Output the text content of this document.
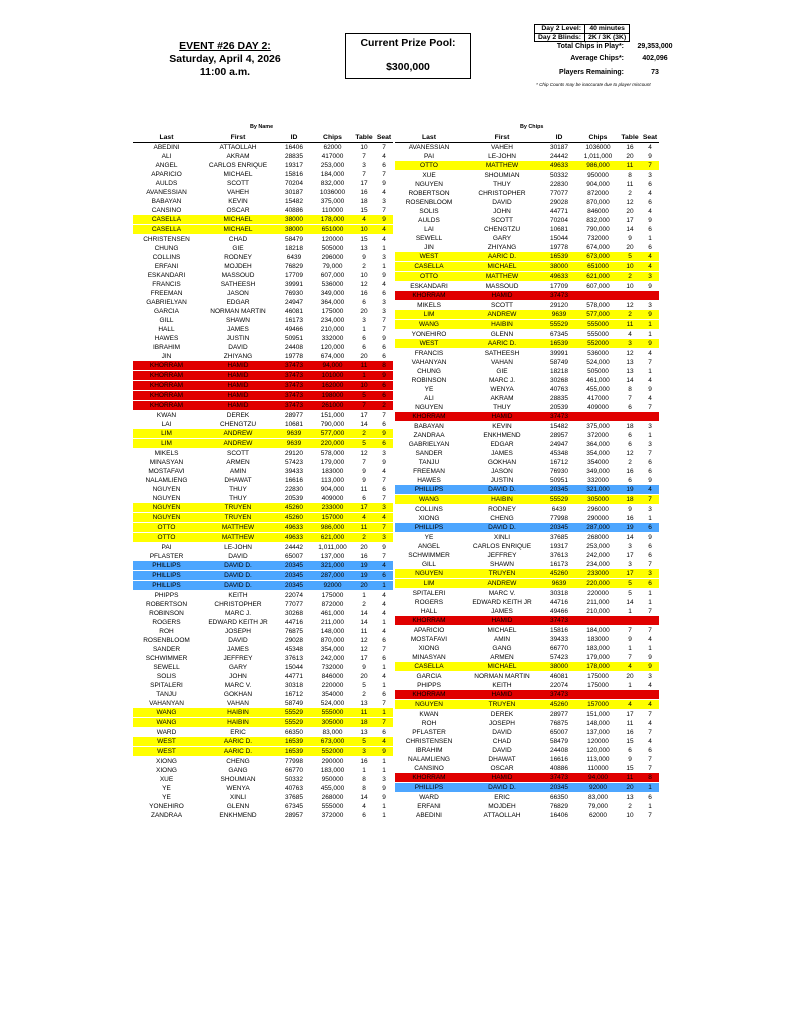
EVENT #26 DAY 2:
Saturday, April 4, 2026
11:00 a.m.
Current Prize Pool:
$300,000
Day 2 Level:	40 minutes
Day 2 Blinds:	2K / 3K (3K)
Total Chips in Play*:	29,353,000
Average Chips*:	402,096
Players Remaining:	73
* Chip Counts may be inaccurate due to player miscount
By Name	By Chips
Last	First	ID	Chips	Table	Seat
ABEDINI	ATTAOLLAH	16406	62000	10	7
ALI	AKRAM	28835	417000	7	4
ANGEL	CARLOS ENRIQUE	19317	253,000	3	6
APARICIO	MICHAEL	15816	184,000	7	7
AULDS	SCOTT	70204	832,000	17	9
AVANESSIAN	VAHEH	30187	1036000	16	4
BABAYAN	KEVIN	15482	375,000	18	3
CANSINO	OSCAR	40886	110000	15	7
CASELLA	MICHAEL	38000	178,000	4	9
CASELLA	MICHAEL	38000	651000	10	4
CHRISTENSEN	CHAD	58479	120000	15	4
CHUNG	GIE	18218	505000	13	1
COLLINS	RODNEY	6439	296000	9	3
ERFANI	MOJDEH	76829	79,000	2	1
ESKANDARI	MASSOUD	17709	607,000	10	9
FRANCIS	SATHEESH	39991	536000	12	4
FREEMAN	JASON	76930	349,000	16	6
GABRIELYAN	EDGAR	24947	364,000	6	3
GARCIA	NORMAN MARTIN	46081	175000	20	3
GILL	SHAWN	16173	234,000	3	7
HALL	JAMES	49466	210,000	1	7
HAWES	JUSTIN	50951	332000	6	9
IBRAHIM	DAVID	24408	120,000	6	6
JIN	ZHIYANG	19778	674,000	20	6
KHORRAM	HAMID	37473	94,000	11	8
KHORRAM	HAMID	37473	101000	1	9
KHORRAM	HAMID	37473	162000	10	6
KHORRAM	HAMID	37473	198000	5	6
KHORRAM	HAMID	37473	261000	7	2
KWAN	DEREK	28977	151,000	17	7
LAI	CHENGTZU	10681	790,000	14	6
LIM	ANDREW	9639	577,000	2	9
LIM	ANDREW	9639	220,000	5	6
MIKELS	SCOTT	29120	578,000	12	3
MINASYAN	ARMEN	57423	179,000	7	9
MOSTAFAVI	AMIN	39433	183000	9	4
NALAMLIENG	DHAWAT	16616	113,000	9	7
NGUYEN	THUY	22830	904,000	11	6
NGUYEN	THUY	20539	409000	6	7
NGUYEN	TRUYEN	45260	233000	17	3
NGUYEN	TRUYEN	45260	157000	4	4
OTTO	MATTHEW	49633	986,000	11	7
OTTO	MATTHEW	49633	621,000	2	3
PAI	LE-JOHN	24442	1,011,000	20	9
PFLASTER	DAVID	65007	137,000	16	7
PHILLIPS	DAVID D.	20345	321,000	19	4
PHILLIPS	DAVID D.	20345	287,000	19	6
PHILLIPS	DAVID D.	20345	92000	20	1
PHIPPS	KEITH	22074	175000	1	4
ROBERTSON	CHRISTOPHER	77077	872000	2	4
ROBINSON	MARC J.	30268	461,000	14	4
ROGERS	EDWARD KEITH JR	44716	211,000	14	1
ROH	JOSEPH	76875	148,000	11	4
ROSENBLOOM	DAVID	29028	870,000	12	6
SANDER	JAMES	45348	354,000	12	7
SCHWIMMER	JEFFREY	37613	242,000	17	6
SEWELL	GARY	15044	732000	9	1
SOLIS	JOHN	44771	846000	20	4
SPITALERI	MARC V.	30318	220000	5	1
TANJU	GOKHAN	16712	354000	2	6
VAHANYAN	VAHAN	58749	524,000	13	7
WANG	HAIBIN	55529	555000	11	1
WANG	HAIBIN	55529	305000	18	7
WARD	ERIC	66350	83,000	13	6
WEST	AARIC D.	16539	673,000	5	4
WEST	AARIC D.	16539	552000	3	9
XIONG	CHENG	77998	290000	16	1
XIONG	GANG	66770	183,000	1	1
XUE	SHOUMIAN	50332	950000	8	3
YE	WENYA	40763	455,000	8	9
YE	XINLI	37685	268000	14	9
YONEHIRO	GLENN	67345	555000	4	1
ZANDRAA	ENKHMEND	28957	372000	6	1
Last	First	ID	Chips	Table	Seat
AVANESSIAN	VAHEH	30187	1036000	16	4
PAI	LE-JOHN	24442	1,011,000	20	9
OTTO	MATTHEW	49633	986,000	11	7
XUE	SHOUMIAN	50332	950000	8	3
NGUYEN	THUY	22830	904,000	11	6
ROBERTSON	CHRISTOPHER	77077	872000	2	4
ROSENBLOOM	DAVID	29028	870,000	12	6
SOLIS	JOHN	44771	846000	20	4
AULDS	SCOTT	70204	832,000	17	9
LAI	CHENGTZU	10681	790,000	14	6
SEWELL	GARY	15044	732000	9	1
JIN	ZHIYANG	19778	674,000	20	6
WEST	AARIC D.	16539	673,000	5	4
CASELLA	MICHAEL	38000	651000	10	4
OTTO	MATTHEW	49633	621,000	2	3
ESKANDARI	MASSOUD	17709	607,000	10	9
KHORRAM	HAMID	37473			
MIKELS	SCOTT	29120	578,000	12	3
LIM	ANDREW	9639	577,000	2	9
WANG	HAIBIN	55529	555000	11	1
YONEHIRO	GLENN	67345	555000	4	1
WEST	AARIC D.	16539	552000	3	9
FRANCIS	SATHEESH	39991	536000	12	4
VAHANYAN	VAHAN	58749	524,000	13	7
CHUNG	GIE	18218	505000	13	1
ROBINSON	MARC J.	30268	461,000	14	4
YE	WENYA	40763	455,000	8	9
ALI	AKRAM	28835	417000	7	4
NGUYEN	THUY	20539	409000	6	7
KHORRAM	HAMID	37473			
BABAYAN	KEVIN	15482	375,000	18	3
ZANDRAA	ENKHMEND	28957	372000	6	1
GABRIELYAN	EDGAR	24947	364,000	6	3
SANDER	JAMES	45348	354,000	12	7
TANJU	GOKHAN	16712	354000	2	6
FREEMAN	JASON	76930	349,000	16	6
HAWES	JUSTIN	50951	332000	6	9
PHILLIPS	DAVID D.	20345	321,000	19	4
WANG	HAIBIN	55529	305000	18	7
COLLINS	RODNEY	6439	296000	9	3
XIONG	CHENG	77998	290000	16	1
PHILLIPS	DAVID D.	20345	287,000	19	6
YE	XINLI	37685	268000	14	9
ANGEL	CARLOS ENRIQUE	19317	253,000	3	6
SCHWIMMER	JEFFREY	37613	242,000	17	6
GILL	SHAWN	16173	234,000	3	7
NGUYEN	TRUYEN	45260	233000	17	3
LIM	ANDREW	9639	220,000	5	6
SPITALERI	MARC V.	30318	220000	5	1
ROGERS	EDWARD KEITH JR	44716	211,000	14	1
HALL	JAMES	49466	210,000	1	7
KHORRAM	HAMID	37473			
APARICIO	MICHAEL	15816	184,000	7	7
MOSTAFAVI	AMIN	39433	183000	9	4
XIONG	GANG	66770	183,000	1	1
MINASYAN	ARMEN	57423	179,000	7	9
CASELLA	MICHAEL	38000	178,000	4	9
GARCIA	NORMAN MARTIN	46081	175000	20	3
PHIPPS	KEITH	22074	175000	1	4
KHORRAM	HAMID	37473			
NGUYEN	TRUYEN	45260	157000	4	4
KWAN	DEREK	28977	151,000	17	7
ROH	JOSEPH	76875	148,000	11	4
PFLASTER	DAVID	65007	137,000	16	7
CHRISTENSEN	CHAD	58479	120000	15	4
IBRAHIM	DAVID	24408	120,000	6	6
NALAMLIENG	DHAWAT	16616	113,000	9	7
CANSINO	OSCAR	40886	110000	15	7
KHORRAM	HAMID	37473	94,000	11	8
PHILLIPS	DAVID D.	20345	92000	20	1
WARD	ERIC	66350	83,000	13	6
ERFANI	MOJDEH	76829	79,000	2	1
ABEDINI	ATTAOLLAH	16406	62000	10	7
